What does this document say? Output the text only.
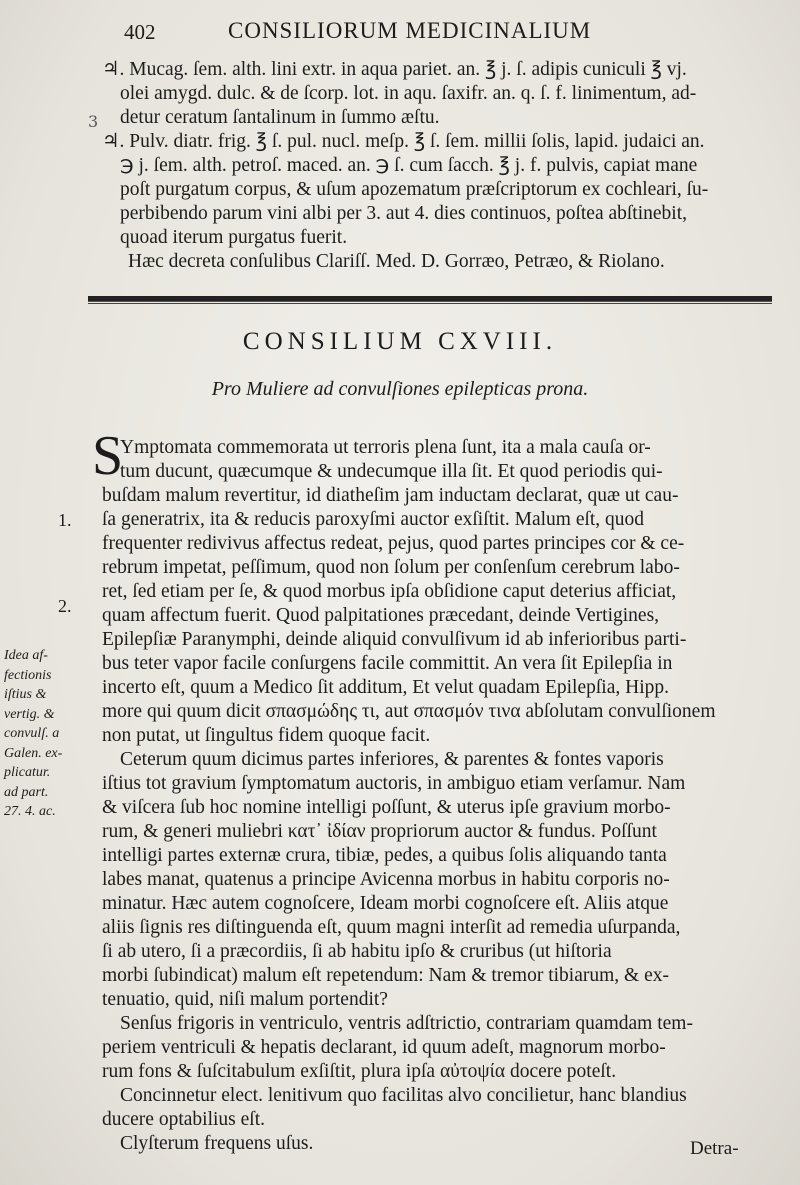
402	CONSILIORUM MEDICINALIUM
3
♃. Mucag. ſem. alth. lini extr. in aqua pariet. an. ℥ j. ſ. adipis cuniculi ℥ vj.
olei amygd. dulc. & de ſcorp. lot. in aqu. ſaxifr. an. q. ſ. f. linimentum, ad-
detur ceratum ſantalinum in ſummo æſtu.
♃. Pulv. diatr. frig. ℥ ſ. pul. nucl. meſp. ℥ ſ. ſem. millii ſolis, lapid. judaici an.
℈ j. ſem. alth. petroſ. maced. an. ℈ ſ. cum ſacch. ℥ j. f. pulvis, capiat mane
poſt purgatum corpus, & uſum apozematum præſcriptorum ex cochleari, ſu-
perbibendo parum vini albi per 3. aut 4. dies continuos, poſtea abſtinebit,
quoad iterum purgatus fuerit.
Hæc decreta conſulibus Clariſſ. Med. D. Gorræo, Petræo, & Riolano.
CONSILIUM CXVIII.
Pro Muliere ad convulſiones epilepticas prona.
S
Ymptomata commemorata ut terroris plena ſunt, ita a mala cauſa or-
tum ducunt, quæcumque & undecumque illa ſit. Et quod periodis qui-
buſdam malum revertitur, id diatheſim jam inductam declarat, quæ ut cau-
ſa generatrix, ita & reducis paroxyſmi auctor exſiſtit. Malum eſt, quod
frequenter redivivus affectus redeat, pejus, quod partes principes cor & ce-
rebrum impetat, peſſimum, quod non ſolum per conſenſum cerebrum labo-
ret, ſed etiam per ſe, & quod morbus ipſa obſidione caput deterius afficiat,
quam affectum fuerit. Quod palpitationes præcedant, deinde Vertigines,
Epilepſiæ Paranymphi, deinde aliquid convulſivum id ab inferioribus parti-
bus teter vapor facile conſurgens facile committit. An vera ſit Epilepſia in
incerto eſt, quum a Medico ſit additum, Et velut quadam Epilepſia, Hipp.
more qui quum dicit σπασμώδης τι, aut σπασμόν τινα abſolutam convulſionem
non putat, ut ſingultus fidem quoque facit.
Ceterum quum dicimus partes inferiores, & parentes & fontes vaporis
iſtius tot gravium ſymptomatum auctoris, in ambiguo etiam verſamur. Nam
& viſcera ſub hoc nomine intelligi poſſunt, & uterus ipſe gravium morbo-
rum, & generi muliebri κατ᾽ ἰδίαν propriorum auctor & fundus. Poſſunt
intelligi partes externæ crura, tibiæ, pedes, a quibus ſolis aliquando tanta
labes manat, quatenus a principe Avicenna morbus in habitu corporis no-
minatur. Hæc autem cognoſcere, Ideam morbi cognoſcere eſt. Aliis atque
aliis ſignis res diſtinguenda eſt, quum magni interſit ad remedia uſurpanda,
ſi ab utero, ſi a præcordiis, ſi ab habitu ipſo & cruribus (ut hiſtoria
morbi ſubindicat) malum eſt repetendum: Nam & tremor tibiarum, & ex-
tenuatio, quid, niſi malum portendit?
Senſus frigoris in ventriculo, ventris adſtrictio, contrariam quamdam tem-
periem ventriculi & hepatis declarant, id quum adeſt, magnorum morbo-
rum fons & ſuſcitabulum exſiſtit, plura ipſa αὐτοψία docere poteſt.
Concinnetur elect. lenitivum quo facilitas alvo concilietur, hanc blandius
ducere optabilius eſt.
Clyſterum frequens uſus.
1.
2.
Idea af-
fectionis
iſtius &
vertig. &
convulſ. a
Galen. ex-
plicatur.
ad part.
27. 4. ac.
Detra-
